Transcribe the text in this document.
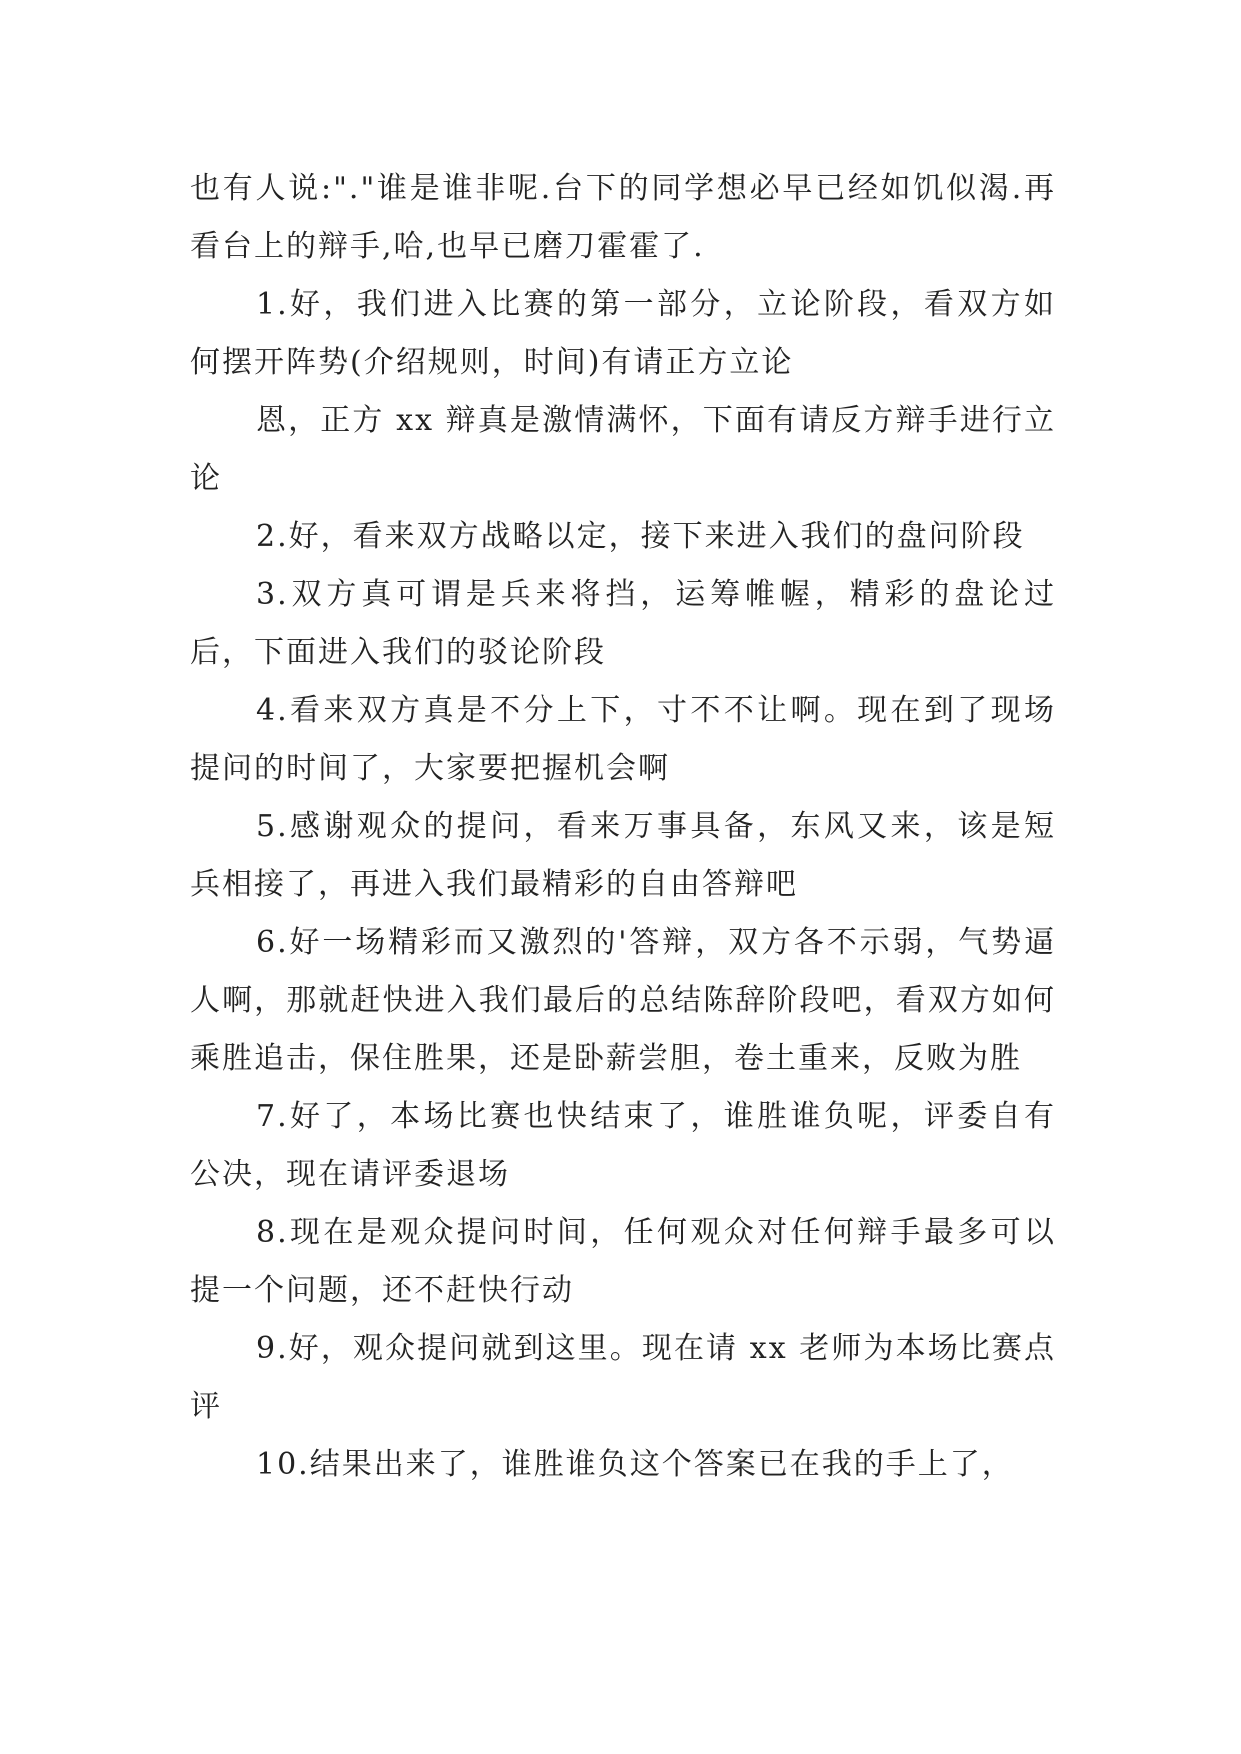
也有人说:"."谁是谁非呢.台下的同学想必早已经如饥似渴.再看台上的辩手,哈,也早已磨刀霍霍了.

1.好，我们进入比赛的第一部分，立论阶段，看双方如何摆开阵势(介绍规则，时间)有请正方立论

恩，正方 xx 辩真是激情满怀，下面有请反方辩手进行立论

2.好，看来双方战略以定，接下来进入我们的盘问阶段

3.双方真可谓是兵来将挡，运筹帷幄，精彩的盘论过后，下面进入我们的驳论阶段

4.看来双方真是不分上下，寸不不让啊。现在到了现场提问的时间了，大家要把握机会啊

5.感谢观众的提问，看来万事具备，东风又来，该是短兵相接了，再进入我们最精彩的自由答辩吧

6.好一场精彩而又激烈的'答辩，双方各不示弱，气势逼人啊，那就赶快进入我们最后的总结陈辞阶段吧，看双方如何乘胜追击，保住胜果，还是卧薪尝胆，卷土重来，反败为胜

7.好了，本场比赛也快结束了，谁胜谁负呢，评委自有公决，现在请评委退场

8.现在是观众提问时间，任何观众对任何辩手最多可以提一个问题，还不赶快行动

9.好，观众提问就到这里。现在请 xx 老师为本场比赛点评

10.结果出来了，谁胜谁负这个答案已在我的手上了，
